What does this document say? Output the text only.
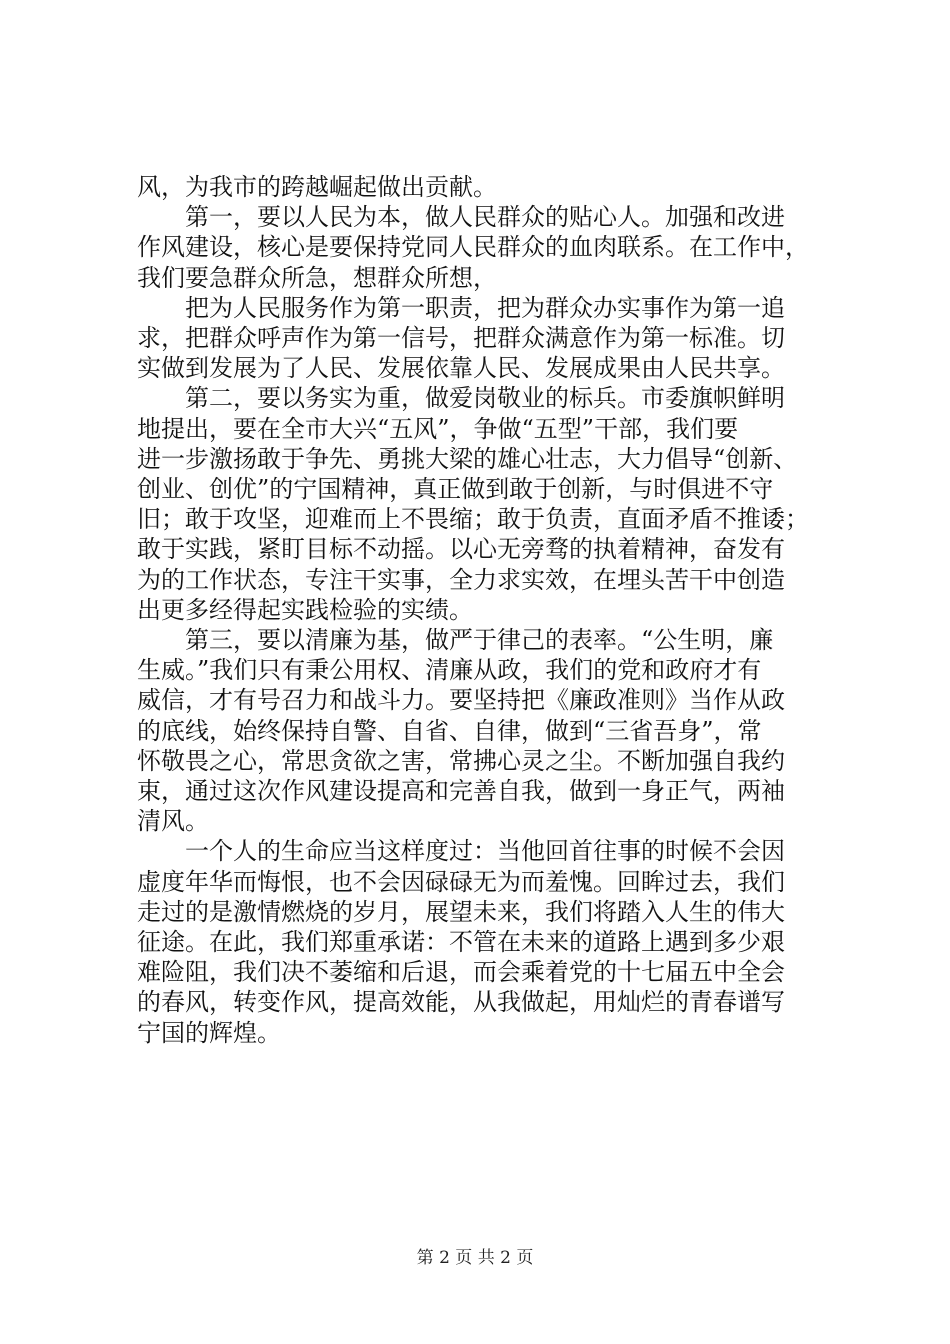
风，为我市的跨越崛起做出贡献。
第一，要以人民为本，做人民群众的贴心人。加强和改进
作风建设，核心是要保持党同人民群众的血肉联系。在工作中，
我们要急群众所急，想群众所想，
把为人民服务作为第一职责，把为群众办实事作为第一追
求，把群众呼声作为第一信号，把群众满意作为第一标准。切
实做到发展为了人民、发展依靠人民、发展成果由人民共享。
第二，要以务实为重，做爱岗敬业的标兵。市委旗帜鲜明
地提出，要在全市大兴“五风”，争做“五型”干部，我们要
进一步激扬敢于争先、勇挑大梁的雄心壮志，大力倡导“创新、
创业、创优”的宁国精神，真正做到敢于创新，与时俱进不守
旧；敢于攻坚，迎难而上不畏缩；敢于负责，直面矛盾不推诿；
敢于实践，紧盯目标不动摇。以心无旁骛的执着精神，奋发有
为的工作状态，专注干实事，全力求实效，在埋头苦干中创造
出更多经得起实践检验的实绩。
第三，要以清廉为基，做严于律己的表率。“公生明，廉
生威。”我们只有秉公用权、清廉从政，我们的党和政府才有
威信，才有号召力和战斗力。要坚持把《廉政准则》当作从政
的底线，始终保持自警、自省、自律，做到“三省吾身”，常
怀敬畏之心，常思贪欲之害，常拂心灵之尘。不断加强自我约
束，通过这次作风建设提高和完善自我，做到一身正气，两袖
清风。
一个人的生命应当这样度过：当他回首往事的时候不会因
虚度年华而悔恨，也不会因碌碌无为而羞愧。回眸过去，我们
走过的是激情燃烧的岁月，展望未来，我们将踏入人生的伟大
征途。在此，我们郑重承诺：不管在未来的道路上遇到多少艰
难险阻，我们决不萎缩和后退，而会乘着党的十七届五中全会
的春风，转变作风，提高效能，从我做起，用灿烂的青春谱写
宁国的辉煌。
第 2 页 共 2 页
